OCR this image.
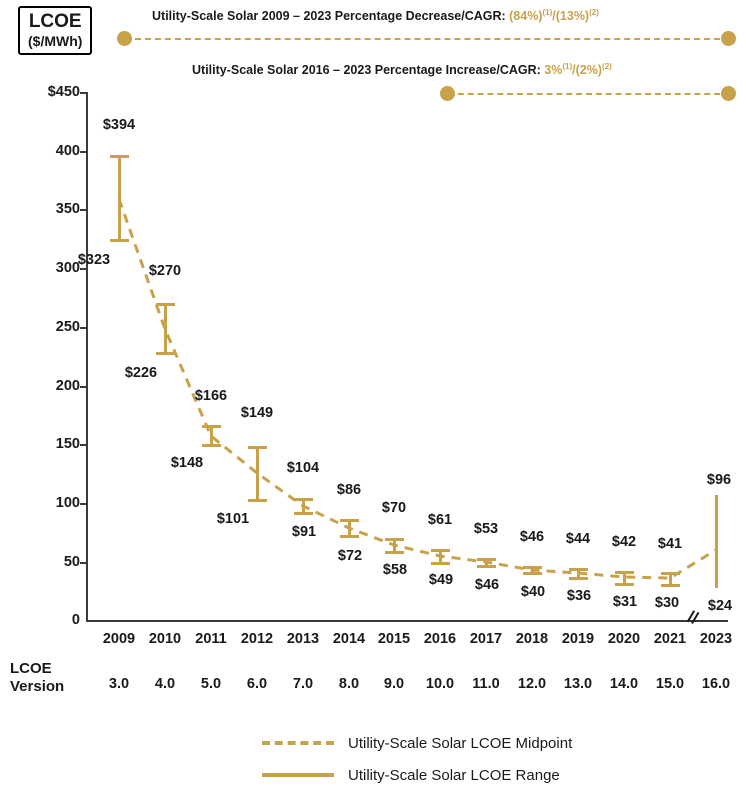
LCOE
($/MWh)
Utility-Scale Solar 2009 – 2023 Percentage Decrease/CAGR: $(84\%)^{(1)}/(13\%)^{(2)}$
Utility-Scale Solar 2016 – 2023 Percentage Increase/CAGR: $3\%^{(1)}/(2\%)^{(2)}$
$450
400
350
300
250
200
150
100
50
0	//
$394
$270
$166
$149
$104
$86
$70
$61
$53	$46	$44	$42	$41
$96
$323
$226
$148
$101
$91
$72
$58
$49	$46	$40	$36	$31	$30	$24
2009 2010 2011 2012 2013 2014 2015 2016 2017 2018 2019 2020 2021 2023
LCOE
Version	3.0	4.0	5.0	6.0	7.0	8.0	9.0	10.0	11.0	12.0	13.0	14.0	15.0	16.0
Utility-Scale Solar LCOE Midpoint
Utility-Scale Solar LCOE Range
